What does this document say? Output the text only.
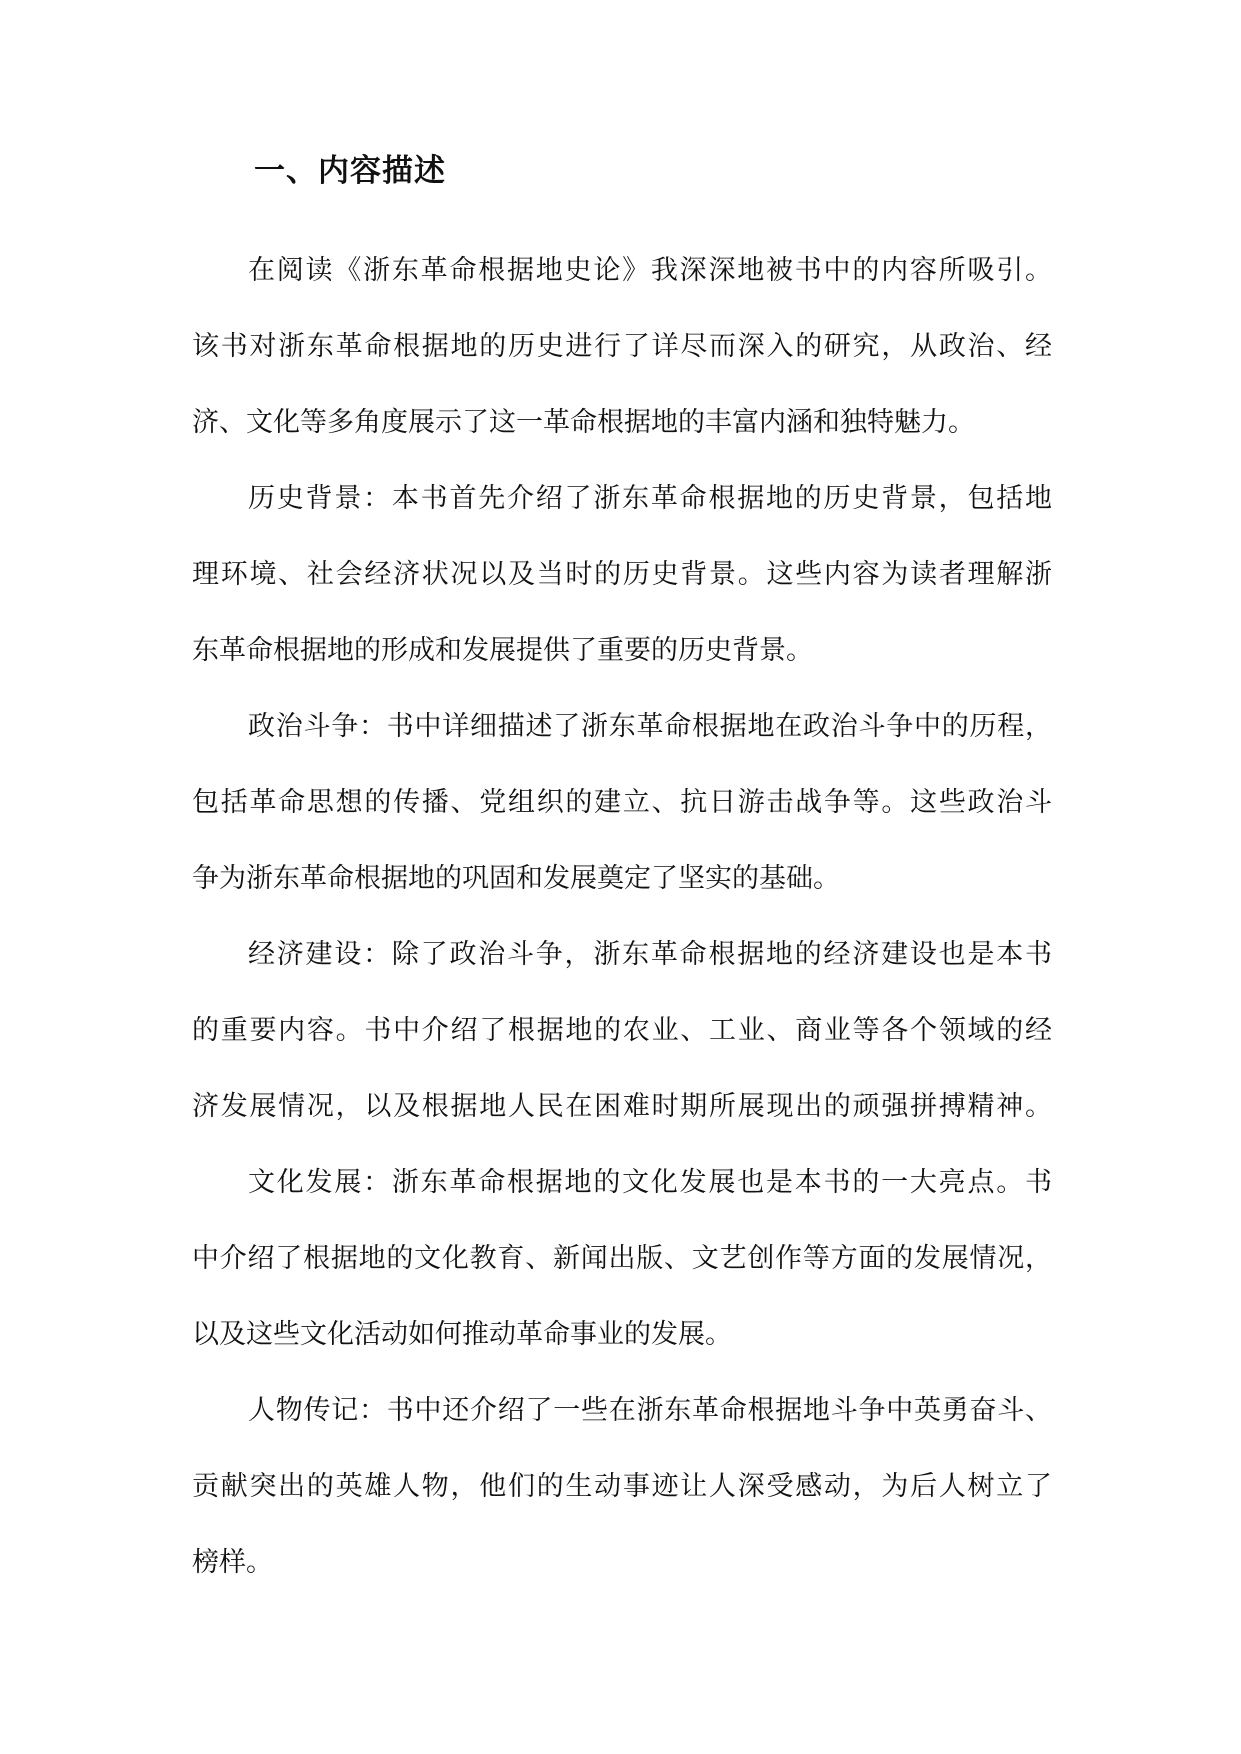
一、内容描述
在阅读《浙东革命根据地史论》我深深地被书中的内容所吸引。
该书对浙东革命根据地的历史进行了详尽而深入的研究，从政治、经
济、文化等多角度展示了这一革命根据地的丰富内涵和独特魅力。
历史背景：本书首先介绍了浙东革命根据地的历史背景，包括地
理环境、社会经济状况以及当时的历史背景。这些内容为读者理解浙
东革命根据地的形成和发展提供了重要的历史背景。
政治斗争：书中详细描述了浙东革命根据地在政治斗争中的历程，
包括革命思想的传播、党组织的建立、抗日游击战争等。这些政治斗
争为浙东革命根据地的巩固和发展奠定了坚实的基础。
经济建设：除了政治斗争，浙东革命根据地的经济建设也是本书
的重要内容。书中介绍了根据地的农业、工业、商业等各个领域的经
济发展情况，以及根据地人民在困难时期所展现出的顽强拼搏精神。
文化发展：浙东革命根据地的文化发展也是本书的一大亮点。书
中介绍了根据地的文化教育、新闻出版、文艺创作等方面的发展情况，
以及这些文化活动如何推动革命事业的发展。
人物传记：书中还介绍了一些在浙东革命根据地斗争中英勇奋斗、
贡献突出的英雄人物，他们的生动事迹让人深受感动，为后人树立了
榜样。
